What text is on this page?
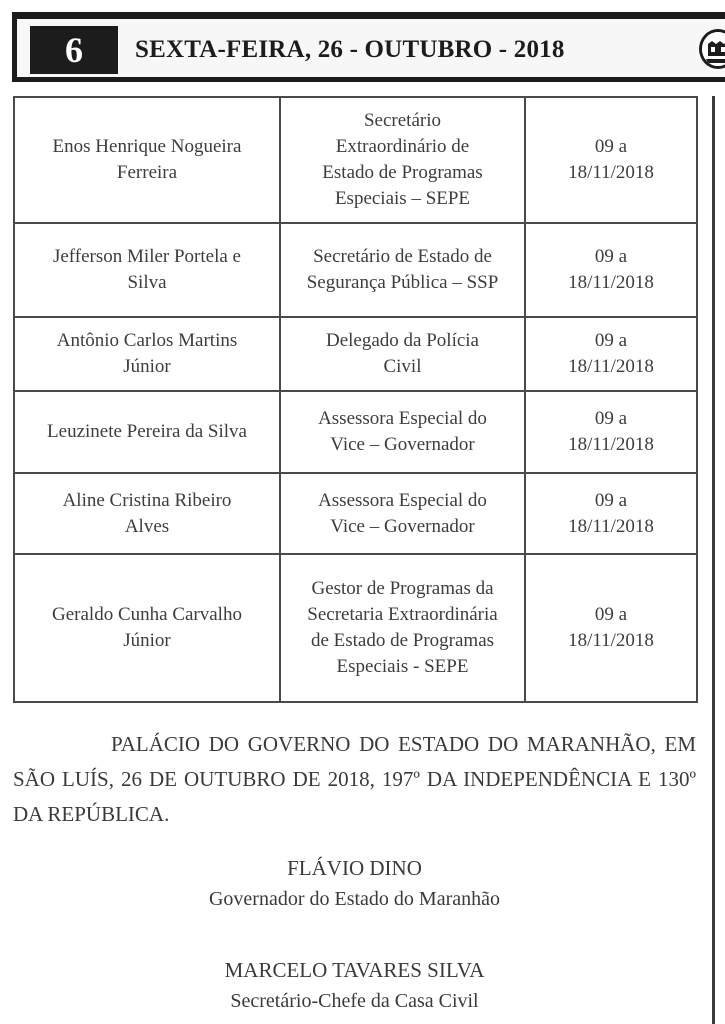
6	SEXTA-FEIRA, 26 - OUTUBRO - 2018
Enos Henrique Nogueira Ferreira	Secretário Extraordinário de Estado de Programas Especiais – SEPE	09 a 18/11/2018
Jefferson Miler Portela e Silva	Secretário de Estado de Segurança Pública – SSP	09 a 18/11/2018
Antônio Carlos Martins Júnior	Delegado da Polícia Civil	09 a 18/11/2018
Leuzinete Pereira da Silva	Assessora Especial do Vice – Governador	09 a 18/11/2018
Aline Cristina Ribeiro Alves	Assessora Especial do Vice – Governador	09 a 18/11/2018
Geraldo Cunha Carvalho Júnior	Gestor de Programas da Secretaria Extraordinária de Estado de Programas Especiais - SEPE	09 a 18/11/2018
PALÁCIO DO GOVERNO DO ESTADO DO MARANHÃO, EM SÃO LUÍS, 26 DE OUTUBRO DE 2018, 197º DA INDEPENDÊNCIA E 130º DA REPÚBLICA.
FLÁVIO DINO
Governador do Estado do Maranhão
MARCELO TAVARES SILVA
Secretário-Chefe da Casa Civil
